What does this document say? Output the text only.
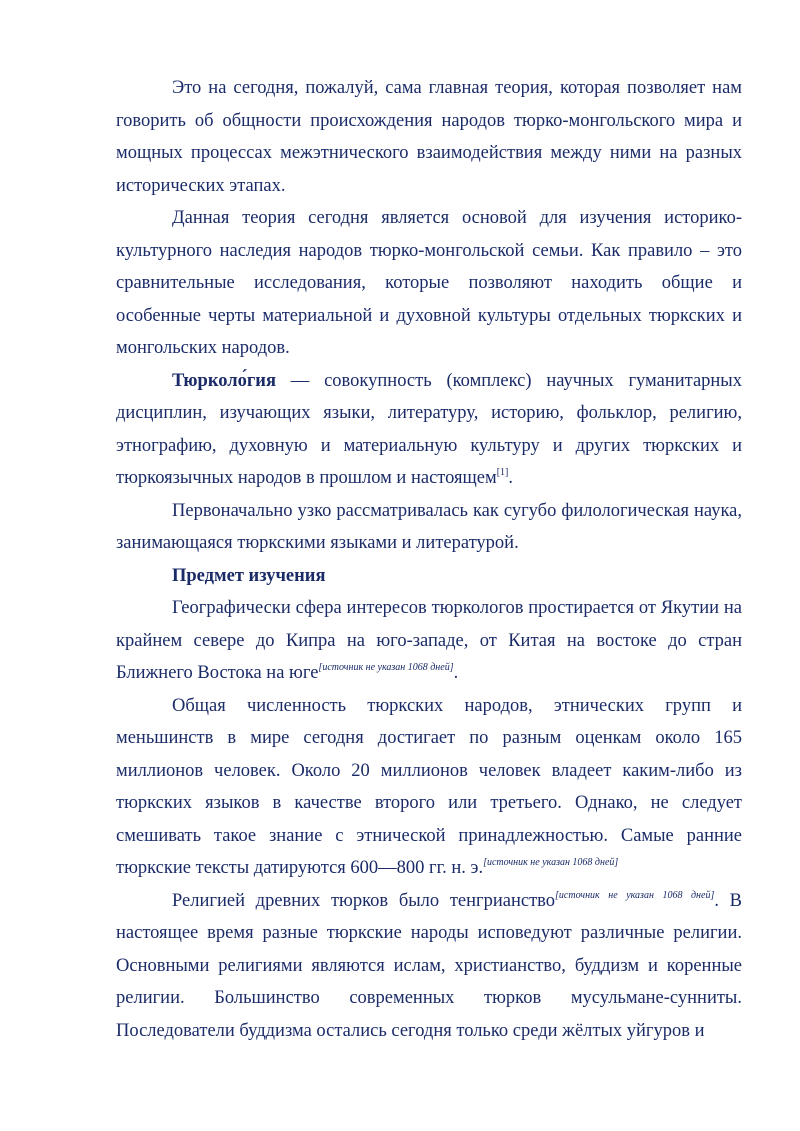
Это на сегодня, пожалуй, сама главная теория, которая позволяет нам говорить об общности происхождения народов тюрко-монгольского мира и мощных процессах межэтнического взаимодействия между ними на разных исторических этапах.

Данная теория сегодня является основой для изучения историко-культурного наследия народов тюрко-монгольской семьи. Как правило – это сравнительные исследования, которые позволяют находить общие и особенные черты материальной и духовной культуры отдельных тюркских и монгольских народов.

Тюрколо́гия — совокупность (комплекс) научных гуманитарных дисциплин, изучающих языки, литературу, историю, фольклор, религию, этнографию, духовную и материальную культуру и других тюркских и тюркоязычных народов в прошлом и настоящем[1].

Первоначально узко рассматривалась как сугубо филологическая наука, занимающаяся тюркскими языками и литературой.

Предмет изучения

Географически сфера интересов тюркологов простирается от Якутии на крайнем севере до Кипра на юго-западе, от Китая на востоке до стран Ближнего Востока на юге[источник не указан 1068 дней].

Общая численность тюркских народов, этнических групп и меньшинств в мире сегодня достигает по разным оценкам около 165 миллионов человек. Около 20 миллионов человек владеет каким-либо из тюркских языков в качестве второго или третьего. Однако, не следует смешивать такое знание с этнической принадлежностью. Самые ранние тюркские тексты датируются 600—800 гг. н. э.[источник не указан 1068 дней]

Религией древних тюрков было тенгрианство[источник не указан 1068 дней]. В настоящее время разные тюркские народы исповедуют различные религии. Основными религиями являются ислам, христианство, буддизм и коренные религии. Большинство современных тюрков мусульмане-сунниты. Последователи буддизма остались сегодня только среди жёлтых уйгуров и
